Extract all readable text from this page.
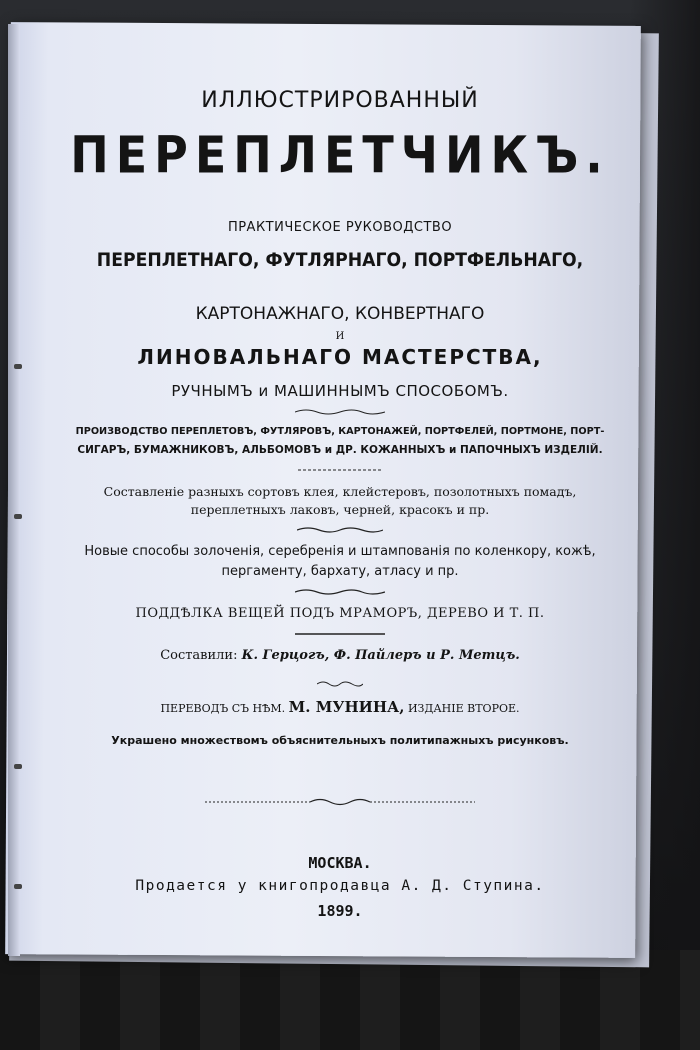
ИЛЛЮСТРИРОВАННЫЙ
ПЕРЕПЛЕТЧИКЪ.
ПРАКТИЧЕСКОЕ РУКОВОДСТВО
ПЕРЕПЛЕТНАГО, ФУТЛЯРНАГО, ПОРТФЕЛЬНАГО,
КАРТОНАЖНАГО, КОНВЕРТНАГО
И
ЛИНОВАЛЬНАГО МАСТЕРСТВА,
РУЧНЫМЪ и МАШИННЫМЪ СПОСОБОМЪ.
ПРОИЗВОДСТВО ПЕРЕПЛЕТОВЪ, ФУТЛЯРОВЪ, КАРТОНАЖЕЙ, ПОРТФЕЛЕЙ, ПОРТМОНЕ, ПОРТ-
СИГАРЪ, БУМАЖНИКОВЪ, АЛЬБОМОВЪ и ДР. КОЖАННЫХЪ и ПАПОЧНЫХЪ ИЗДЕЛІЙ.
Составленіе разныхъ сортовъ клея, клейстеровъ, позолотныхъ помадъ,
переплетныхъ лаковъ, черней, красокъ и пр.
Новые способы золоченія, серебренія и штампованія по коленкору, кожѣ,
пергаменту, бархату, атласу и пр.
ПОДДѢЛКА ВЕЩЕЙ ПОДЪ МРАМОРЪ, ДЕРЕВО И Т. П.
Составили: К. Герцогъ, Ф. Пайлеръ и Р. Метцъ.
ПЕРЕВОДЪ СЪ НѢМ. М. МУНИНА, ИЗДАНІЕ ВТОРОЕ.
Украшено множествомъ объяснительныхъ политипажныхъ рисунковъ.
МОСКВА.
Продается у книгопродавца А. Д. Ступина.
1899.
